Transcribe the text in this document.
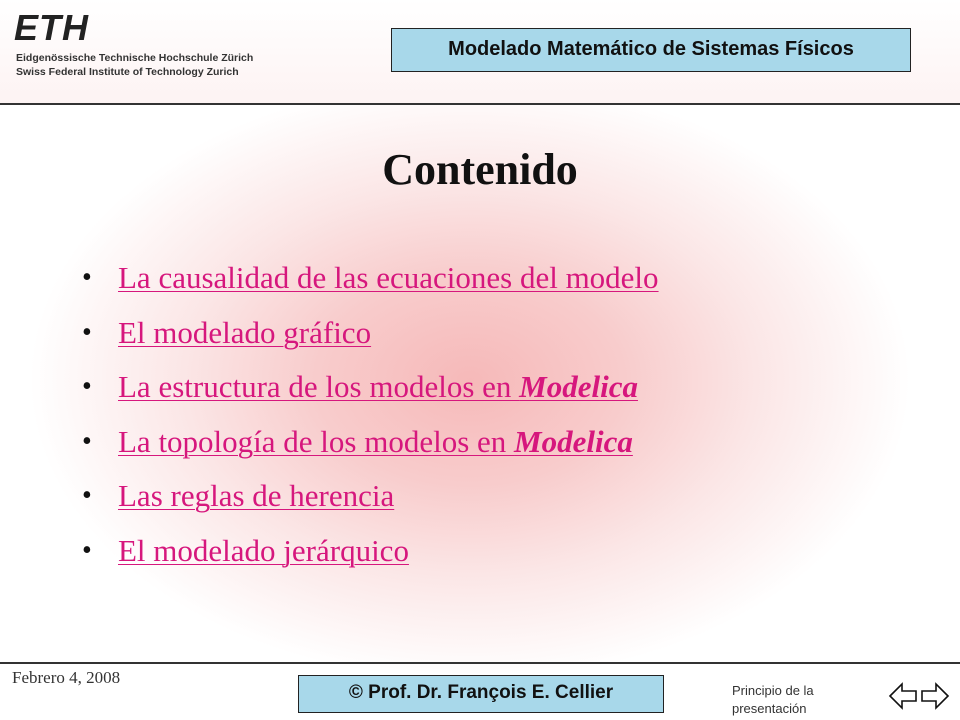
ETH
Eidgenössische Technische Hochschule Zürich
Swiss Federal Institute of Technology Zurich
Modelado Matemático de Sistemas Físicos
Contenido
• La causalidad de las ecuaciones del modelo
• El modelado gráfico
• La estructura de los modelos en Modelica
• La topología de los modelos en Modelica
• Las reglas de herencia
• El modelado jerárquico
Febrero 4, 2008
© Prof. Dr. François E. Cellier	Principio de la presentación
